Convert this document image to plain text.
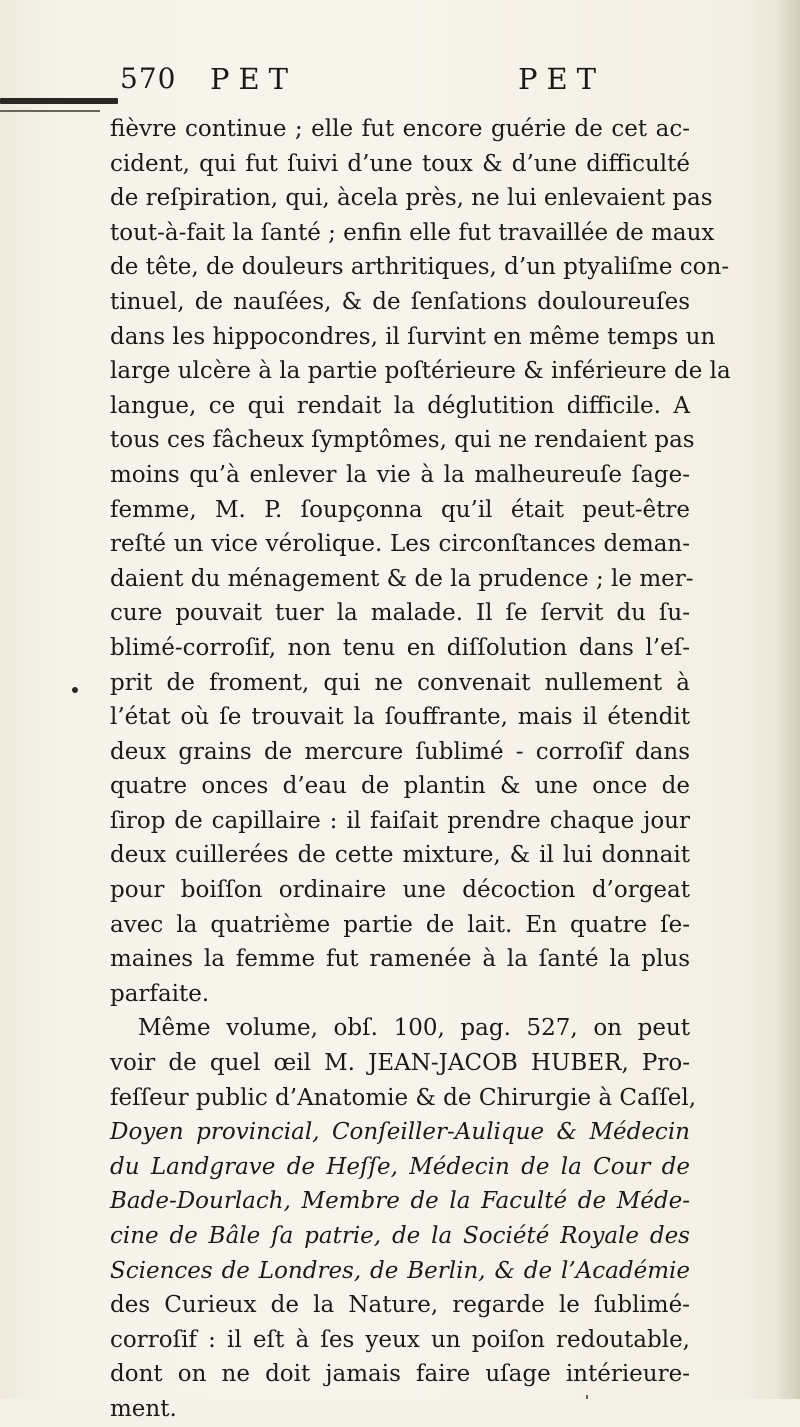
570 PET	PET
fièvre continue ; elle fut encore guérie de cet ac-
cident, qui fut ſuivi d’une toux & d’une difficulté
de reſpiration, qui, àcela près, ne lui enlevaient pas
tout-à-fait la ſanté ; enfin elle fut travaillée de maux
de tête, de douleurs arthritiques, d’un ptyaliſme con-
tinuel, de nauſées, & de ſenſations douloureuſes
dans les hippocondres, il ſurvint en même temps un
large ulcère à la partie poſtérieure & inférieure de la
langue, ce qui rendait la déglutition difficile. A
tous ces fâcheux ſymptômes, qui ne rendaient pas
moins qu’à enlever la vie à la malheureuſe ſage-
femme, M. P. ſoupçonna qu’il était peut-être
reſté un vice vérolique. Les circonſtances deman-
daient du ménagement & de la prudence ; le mer-
cure pouvait tuer la malade. Il ſe ſervit du ſu-
blimé-corroſif, non tenu en diſſolution dans l’eſ-
prit de froment, qui ne convenait nullement à
l’état où ſe trouvait la ſouffrante, mais il étendit
deux grains de mercure ſublimé - corroſif dans
quatre onces d’eau de plantin & une once de
ſirop de capillaire : il faiſait prendre chaque jour
deux cuillerées de cette mixture, & il lui donnait
pour boiſſon ordinaire une décoction d’orgeat
avec la quatrième partie de lait. En quatre ſe-
maines la femme fut ramenée à la ſanté la plus
parfaite.
Même volume, obſ. 100, pag. 527, on peut
voir de quel œil M. JEAN-JACOB HUBER, Pro-
feſſeur public d’Anatomie & de Chirurgie à Caſſel,
Doyen provincial, Conſeiller-Aulique & Médecin
du Landgrave de Heſſe, Médecin de la Cour de
Bade-Dourlach, Membre de la Faculté de Méde-
cine de Bâle ſa patrie, de la Société Royale des
Sciences de Londres, de Berlin, & de l’Académie
des Curieux de la Nature, regarde le ſublimé-
corroſif : il eſt à ſes yeux un poiſon redoutable,
dont on ne doit jamais faire uſage intérieure-
ment.
